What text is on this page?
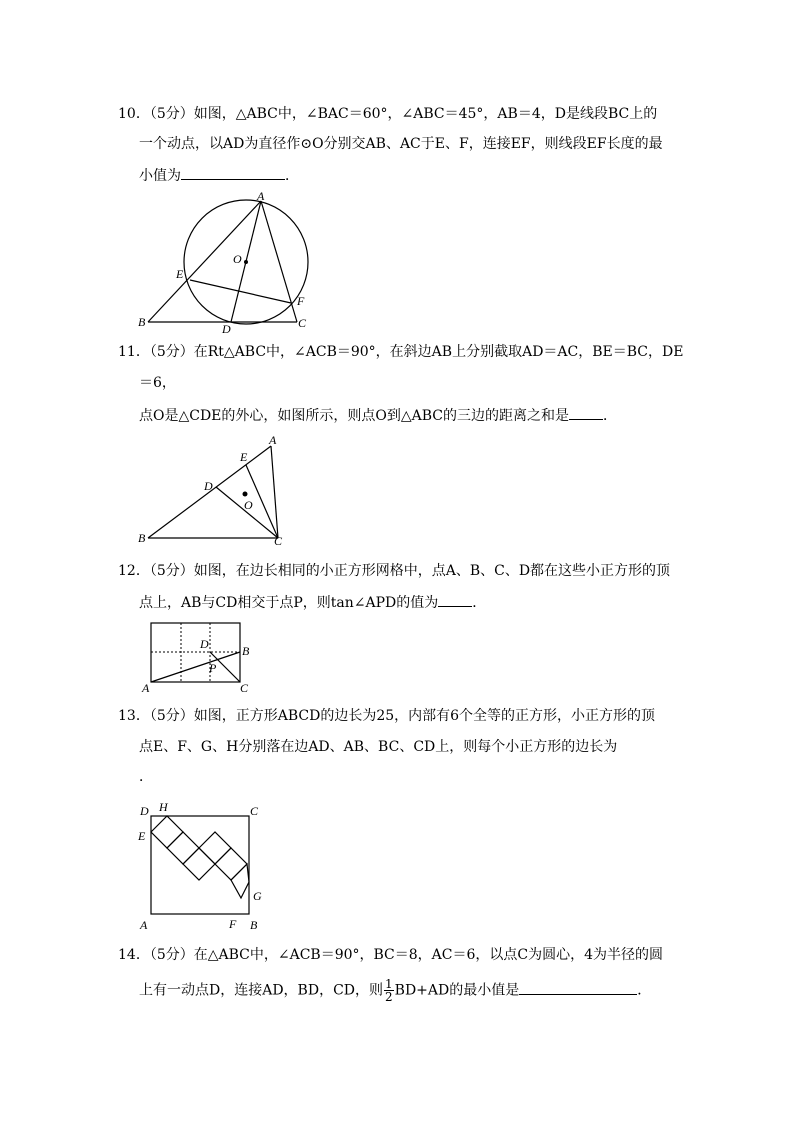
10．（5分）如图，△ABC中，∠BAC＝60°，∠ABC＝45°，AB＝4，D是线段BC上的
一个动点，以AD为直径作⊙O分别交AB、AC于E、F，连接EF，则线段EF长度的最
小值为	．
A
O
E
F
B	D	C
11．（5分）在Rt△ABC中，∠ACB＝90°，在斜边AB上分别截取AD＝AC，BE＝BC，DE
＝6，
点O是△CDE的外心，如图所示，则点O到△ABC的三边的距离之和是 ．
A
E
D
O
B	C
12．（5分）如图，在边长相同的小正方形网格中，点A、B、C、D都在这些小正方形的顶
点上，AB与CD相交于点P，则tan∠APD的值为 ．
D	B
P
A	C
13．（5分）如图，正方形ABCD的边长为25，内部有6个全等的正方形，小正方形的顶
点E、F、G、H分别落在边AD、AB、BC、CD上，则每个小正方形的边长为
．
D H	C
E
G
A	F B
14．（5分）在△ABC中，∠ACB＝90°，BC＝8，AC＝6，以点C为圆心，4为半径的圆
上有一动点D，连接AD，BD，CD，则 $\frac{1}{2} BD+AD$的最小值是	．
